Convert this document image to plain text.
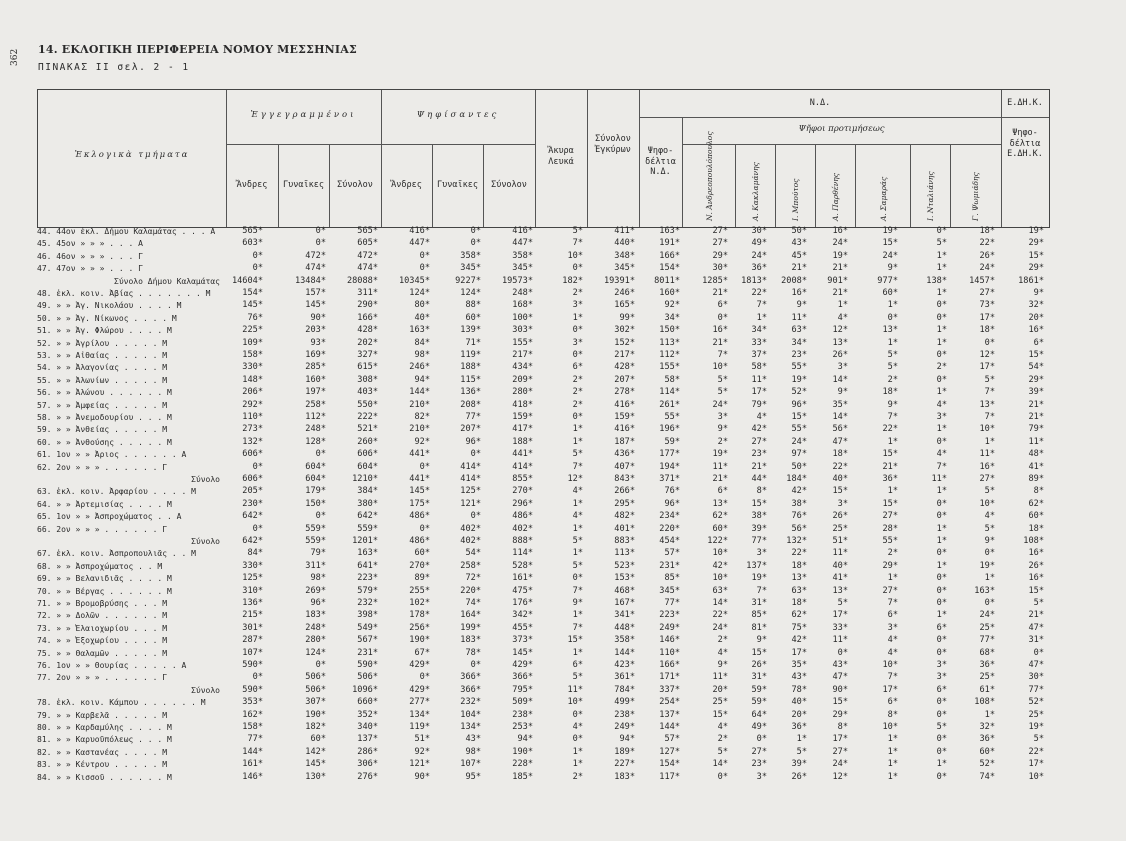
362 14. ΕΚΛΟΓΙΚΗ ΠΕΡΙΦΕΡΕΙΑ ΝΟΜΟΥ ΜΕΣΣΗΝΙΑΣ
ΠΙΝΑΚΑΣ ΙΙ σελ. 2 - 1
Ἐκλογικὰ τμήματα
Ἐγγεγραμμένοι	Ψηφίσαντες
Ἄνδρες	Γυναῖκες	Σύνολον	Ἄνδρες	Γυναῖκες	Σύνολον
Ἄκυρα Λευκά
Σύνολον Ἐγκύρων
Ν.Δ.
Ψηφο-δέλτια Ν.Δ.
Ψῆφοι προτιμήσεως
Ε.ΔΗ.Κ.
Ψηφο-δέλτια Ε.ΔΗ.Κ.
Ν. Ἀνδρεοπουλόπουλος	Α. Κακλαμάνης	Ι. Μπούτος	Α. Παρθένης	Α. Σαμαράς	Ι. Νταλιάνης	Γ. Ψωμιάδης
44. 44ον ἐκλ. Δήμου Καλαμάτας . . . Α	565*	0*	565*	416*	0*	416*	5*	411*	163*	27*	30*	50*	16*	19*	0*	18*	19*
45. 45ον » » » . . . Α	603*	0*	605*	447*	0*	447*	7*	440*	191*	27*	49*	43*	24*	15*	5*	22*	29*
46. 46ον » » » . . . Γ	0*	472*	472*	0*	358*	358*	10*	348*	166*	29*	24*	45*	19*	24*	1*	26*	15*
47. 47ον » » » . . . Γ	0*	474*	474*	0*	345*	345*	0*	345*	154*	30*	36*	21*	21*	9*	1*	24*	29*
Σύνολο Δήμου Καλαμάτας	14604*	13484*	28088*	10345*	9227*	19573*	182*	19391*	8011*	1285*	1813*	2008*	901*	977*	138*	1457*	1861*
48. ἐκλ. κοιν. Ἀβίας . . . . . . . Μ	154*	157*	311*	124*	124*	248*	2*	246*	160*	21*	22*	16*	21*	60*	1*	27*	9*
49. » » Ἁγ. Νικολάου . . . . Μ	145*	145*	290*	80*	88*	168*	3*	165*	92*	6*	7*	9*	1*	1*	0*	73*	32*
50. » » Ἁγ. Νίκωνος . . . . Μ	76*	90*	166*	40*	60*	100*	1*	99*	34*	0*	1*	11*	4*	0*	0*	17*	20*
51. » » Ἁγ. Φλώρου . . . . Μ	225*	203*	428*	163*	139*	303*	0*	302*	150*	16*	34*	63*	12*	13*	1*	18*	16*
52. » » Ἀγρίλου . . . . . Μ	109*	93*	202*	84*	71*	155*	3*	152*	113*	21*	33*	34*	13*	1*	1*	0*	6*
53. » » Αἰθαίας . . . . . Μ	158*	169*	327*	98*	119*	217*	0*	217*	112*	7*	37*	23*	26*	5*	0*	12*	15*
54. » » Ἀλαγονίας . . . . Μ	330*	285*	615*	246*	188*	434*	6*	428*	155*	10*	58*	55*	3*	5*	2*	17*	54*
55. » » Ἀλωνίων . . . . . Μ	148*	160*	308*	94*	115*	209*	2*	207*	58*	5*	11*	19*	14*	2*	0*	5*	29*
56. » » Ἀλώνου . . . . . . Μ	206*	197*	403*	144*	136*	280*	2*	278*	114*	5*	17*	52*	9*	18*	1*	7*	39*
57. » » Ἀμφείας . . . . . Μ	292*	258*	550*	210*	208*	418*	2*	416*	261*	24*	79*	96*	35*	9*	4*	13*	21*
58. » » Ἀνεμοδουρίου . . . Μ	110*	112*	222*	82*	77*	159*	0*	159*	55*	3*	4*	15*	14*	7*	3*	7*	21*
59. » » Ἀνθείας . . . . . Μ	273*	248*	521*	210*	207*	417*	1*	416*	196*	9*	42*	55*	56*	22*	1*	10*	79*
60. » » Ἀνθούσης . . . . . Μ	132*	128*	260*	92*	96*	188*	1*	187*	59*	2*	27*	24*	47*	1*	0*	1*	11*
61. 1ον » » Ἀριος . . . . . . Α	606*	0*	606*	441*	0*	441*	5*	436*	177*	19*	23*	97*	18*	15*	4*	11*	48*
62. 2ον » » » . . . . . . Γ	0*	604*	604*	0*	414*	414*	7*	407*	194*	11*	21*	50*	22*	21*	7*	16*	41*
Σύνολο	606*	604*	1210*	441*	414*	855*	12*	843*	371*	21*	44*	184*	40*	36*	11*	27*	89*
63. ἐκλ. κοιν. Ἀρφαρίου . . . . Μ	205*	179*	384*	145*	125*	270*	4*	266*	76*	6*	8*	42*	15*	1*	1*	5*	8*
64. » » Ἀρτεμισίας . . . . Μ	230*	150*	380*	175*	121*	296*	1*	295*	96*	13*	15*	38*	3*	15*	0*	10*	62*
65. 1ον » » Ἀσπροχώματος . . Α	642*	0*	642*	486*	0*	486*	4*	482*	234*	62*	38*	76*	26*	27*	0*	4*	60*
66. 2ον » » » . . . . . . Γ	0*	559*	559*	0*	402*	402*	1*	401*	220*	60*	39*	56*	25*	28*	1*	5*	18*
Σύνολο	642*	559*	1201*	486*	402*	888*	5*	883*	454*	122*	77*	132*	51*	55*	1*	9*	108*
67. ἐκλ. κοιν. Ἀσπροπουλιᾶς . . Μ	84*	79*	163*	60*	54*	114*	1*	113*	57*	10*	3*	22*	11*	2*	0*	0*	16*
68. » » Ἀσπροχώματος . . Μ	330*	311*	641*	270*	258*	528*	5*	523*	231*	42*	137*	18*	40*	29*	1*	19*	26*
69. » » Βελανιδιᾶς . . . . Μ	125*	98*	223*	89*	72*	161*	0*	153*	85*	10*	19*	13*	41*	1*	0*	1*	16*
70. » » Βέργας . . . . . . Μ	310*	269*	579*	255*	220*	475*	7*	468*	345*	63*	7*	63*	13*	27*	0*	163*	15*
71. » » Βρομοβρύσης . . . Μ	136*	96*	232*	102*	74*	176*	9*	167*	77*	14*	31*	18*	5*	7*	0*	0*	5*
72. » » Δολῶν . . . . . . Μ	215*	183*	398*	178*	164*	342*	1*	341*	223*	22*	85*	62*	17*	6*	1*	24*	21*
73. » » Ἐλαιοχωρίου . . . Μ	301*	248*	549*	256*	199*	455*	7*	448*	249*	24*	81*	75*	33*	3*	6*	25*	47*
74. » » Ἐξοχωρίου . . . . Μ	287*	280*	567*	190*	183*	373*	15*	358*	146*	2*	9*	42*	11*	4*	0*	77*	31*
75. » » Θαλαμῶν . . . . . Μ	107*	124*	231*	67*	78*	145*	1*	144*	110*	4*	15*	17*	0*	4*	0*	68*	0*
76. 1ον » » Θουρίας . . . . . Α	590*	0*	590*	429*	0*	429*	6*	423*	166*	9*	26*	35*	43*	10*	3*	36*	47*
77. 2ον » » » . . . . . . Γ	0*	506*	506*	0*	366*	366*	5*	361*	171*	11*	31*	43*	47*	7*	3*	25*	30*
Σύνολο	590*	506*	1096*	429*	366*	795*	11*	784*	337*	20*	59*	78*	90*	17*	6*	61*	77*
78. ἐκλ. κοιν. Κάμπου . . . . . . Μ	353*	307*	660*	277*	232*	509*	10*	499*	254*	25*	59*	40*	15*	6*	0*	108*	52*
79. » » Καρβελᾶ . . . . . Μ	162*	190*	352*	134*	104*	238*	0*	238*	137*	15*	64*	20*	29*	8*	0*	1*	25*
80. » » Καρδαμύλης . . . . Μ	158*	182*	340*	119*	134*	253*	4*	249*	144*	4*	49*	36*	8*	10*	5*	32*	19*
81. » » Καρυοῦπόλεως . . . Μ	77*	60*	137*	51*	43*	94*	0*	94*	57*	2*	0*	1*	17*	1*	0*	36*	5*
82. » » Καστανέας . . . . Μ	144*	142*	286*	92*	98*	190*	1*	189*	127*	5*	27*	5*	27*	1*	0*	60*	22*
83. » » Κέντρου . . . . . Μ	161*	145*	306*	121*	107*	228*	1*	227*	154*	14*	23*	39*	24*	1*	1*	52*	17*
84. » » Κισσοῦ . . . . . . Μ	146*	130*	276*	90*	95*	185*	2*	183*	117*	0*	3*	26*	12*	1*	0*	74*	10*
